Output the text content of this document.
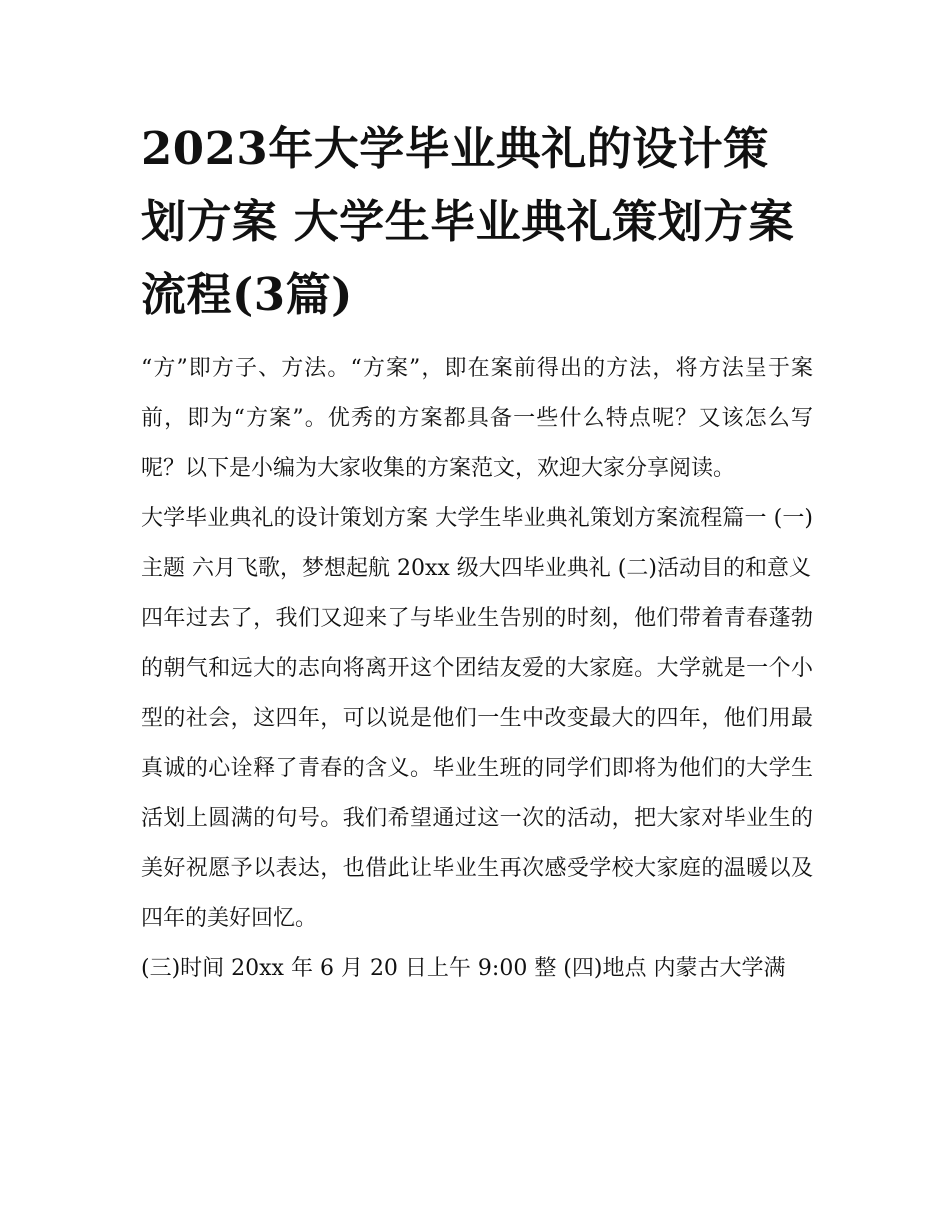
2023年大学毕业典礼的设计策划方案 大学生毕业典礼策划方案流程(3篇)

“方”即方子、方法。“方案”，即在案前得出的方法，将方法呈于案前，即为“方案”。优秀的方案都具备一些什么特点呢？又该怎么写呢？以下是小编为大家收集的方案范文，欢迎大家分享阅读。

大学毕业典礼的设计策划方案 大学生毕业典礼策划方案流程篇一 (一)主题 六月飞歌，梦想起航 20xx 级大四毕业典礼 (二)活动目的和意义

四年过去了，我们又迎来了与毕业生告别的时刻，他们带着青春蓬勃的朝气和远大的志向将离开这个团结友爱的大家庭。大学就是一个小型的社会，这四年，可以说是他们一生中改变最大的四年，他们用最真诚的心诠释了青春的含义。毕业生班的同学们即将为他们的大学生活划上圆满的句号。我们希望通过这一次的活动，把大家对毕业生的美好祝愿予以表达，也借此让毕业生再次感受学校大家庭的温暖以及四年的美好回忆。

(三)时间 20xx 年 6 月 20 日上午 9:00 整 (四)地点 内蒙古大学满
